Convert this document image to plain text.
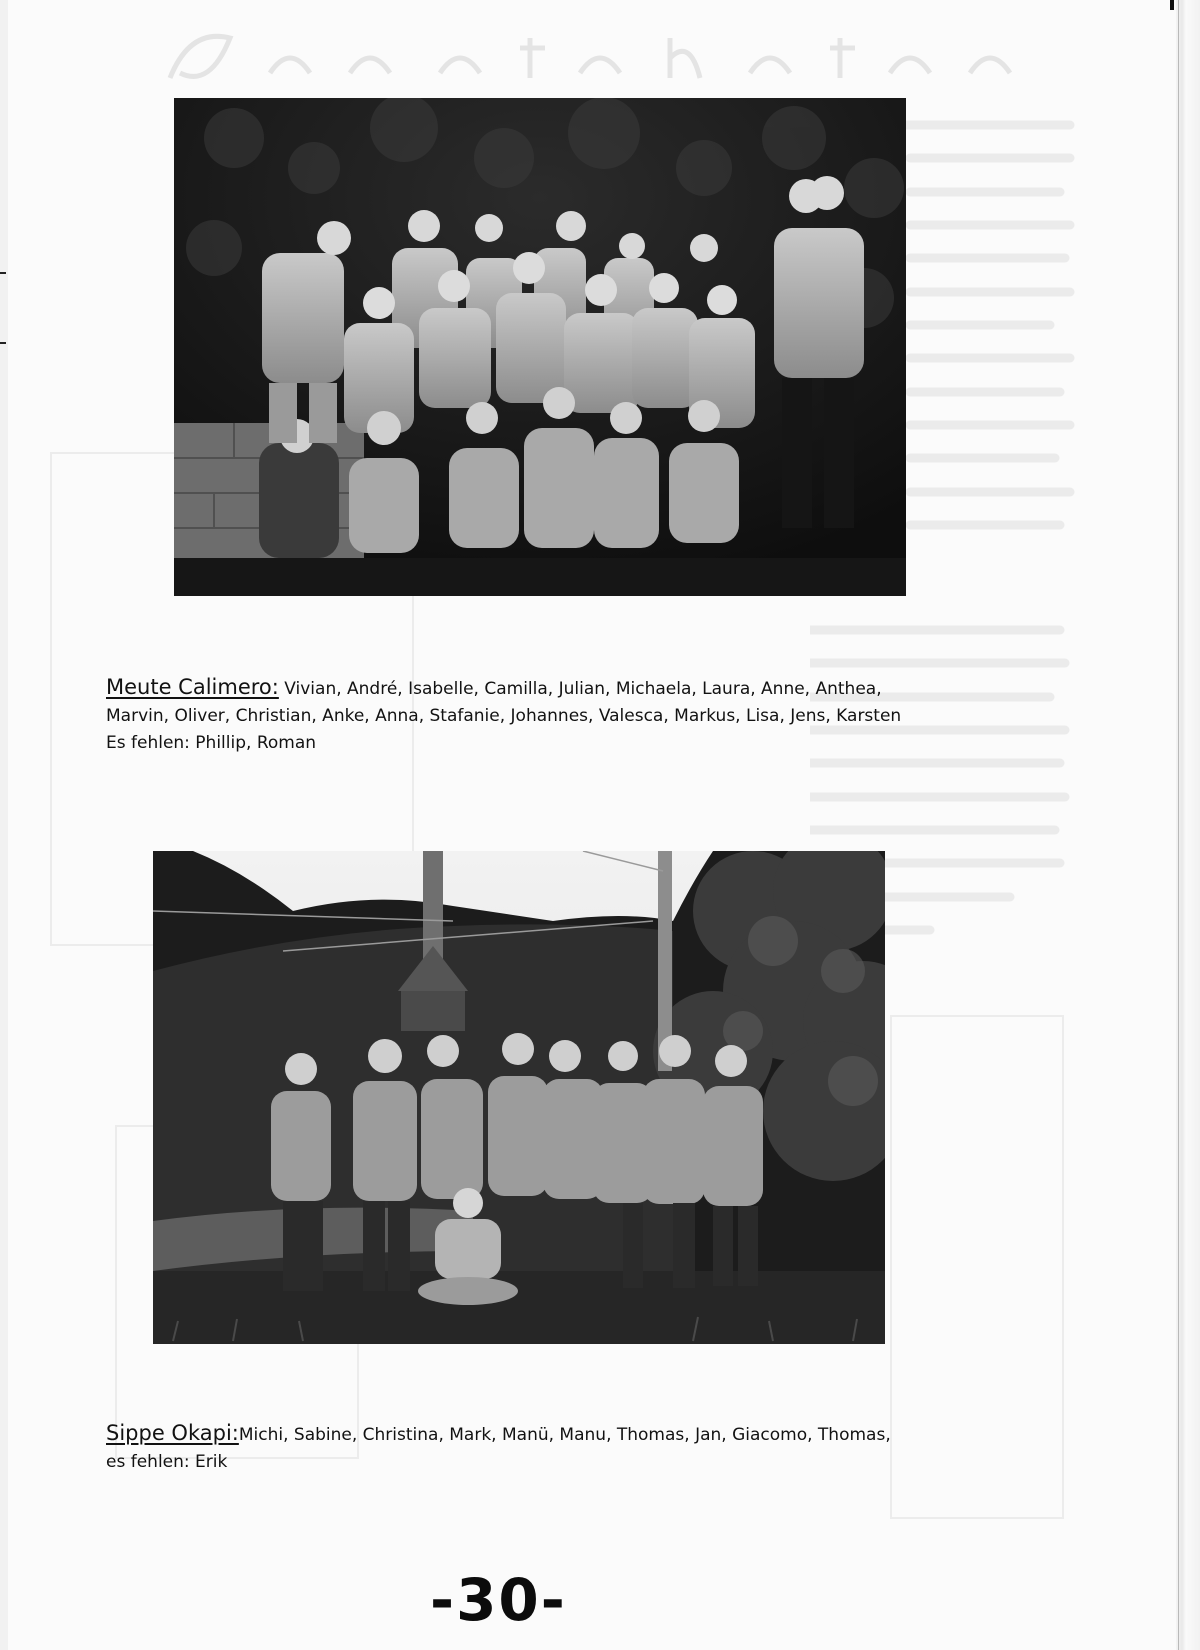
Meute Calimero: Vivian, André, Isabelle, Camilla, Julian, Michaela, Laura, Anne, Anthea,
Marvin, Oliver, Christian, Anke, Anna, Stafanie, Johannes, Valesca, Markus, Lisa, Jens, Karsten
Es fehlen: Phillip, Roman
Sippe Okapi:Michi, Sabine, Christina, Mark, Manü, Manu, Thomas, Jan, Giacomo, Thomas,
es fehlen: Erik
-30-
